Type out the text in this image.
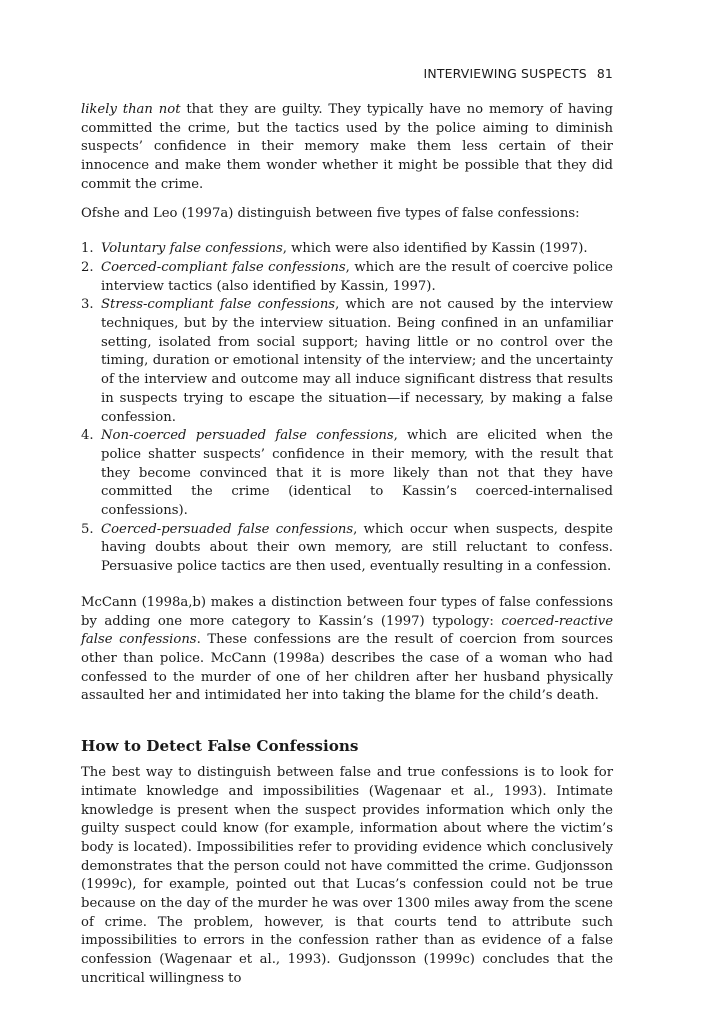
INTERVIEWING SUSPECTS 81

likely than not that they are guilty. They typically have no memory of having committed the crime, but the tactics used by the police aiming to diminish suspects’ confidence in their memory make them less certain of their innocence and make them wonder whether it might be possible that they did commit the crime.

Ofshe and Leo (1997a) distinguish between five types of false confessions:

1. Voluntary false confessions, which were also identified by Kassin (1997).
2. Coerced-compliant false confessions, which are the result of coercive police interview tactics (also identified by Kassin, 1997).
3. Stress-compliant false confessions, which are not caused by the interview techniques, but by the interview situation. Being confined in an unfamiliar setting, isolated from social support; having little or no control over the timing, duration or emotional intensity of the interview; and the uncertainty of the interview and outcome may all induce significant distress that results in suspects trying to escape the situation—if necessary, by making a false confession.
4. Non-coerced persuaded false confessions, which are elicited when the police shatter suspects’ confidence in their memory, with the result that they become convinced that it is more likely than not that they have committed the crime (identical to Kassin’s coerced-internalised confessions).
5. Coerced-persuaded false confessions, which occur when suspects, despite having doubts about their own memory, are still reluctant to confess. Persuasive police tactics are then used, eventually resulting in a confession.

McCann (1998a,b) makes a distinction between four types of false confessions by adding one more category to Kassin’s (1997) typology: coerced-reactive false confessions. These confessions are the result of coercion from sources other than police. McCann (1998a) describes the case of a woman who had confessed to the murder of one of her children after her husband physically assaulted her and intimidated her into taking the blame for the child’s death.

How to Detect False Confessions

The best way to distinguish between false and true confessions is to look for intimate knowledge and impossibilities (Wagenaar et al., 1993). Intimate knowledge is present when the suspect provides information which only the guilty suspect could know (for example, information about where the victim’s body is located). Impossibilities refer to providing evidence which conclusively demonstrates that the person could not have committed the crime. Gudjonsson (1999c), for example, pointed out that Lucas’s confession could not be true because on the day of the murder he was over 1300 miles away from the scene of crime. The problem, however, is that courts tend to attribute such impossibilities to errors in the confession rather than as evidence of a false confession (Wagenaar et al., 1993). Gudjonsson (1999c) concludes that the uncritical willingness to
